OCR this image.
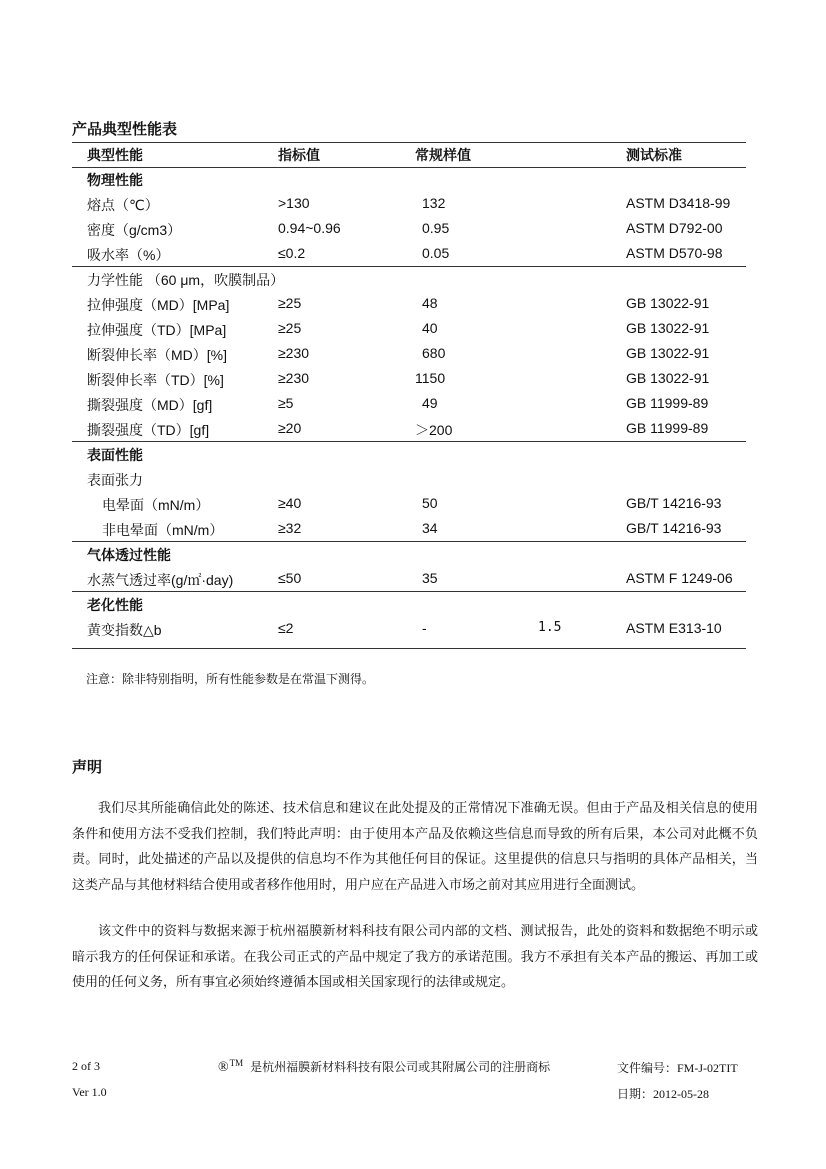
产品典型性能表
典型性能	指标值	常规样值	测试标准
物理性能
熔点（℃）	>130	132	ASTM D3418-99
密度（g/cm3）	0.94~0.96	0.95	ASTM D792-00
吸水率（%）	≤0.2	0.05	ASTM D570-98
力学性能 （60 μm，吹膜制品）
拉伸强度（MD）[MPa]	≥25	48	GB 13022-91
拉伸强度（TD）[MPa]	≥25	40	GB 13022-91
断裂伸长率（MD）[%]	≥230	680	GB 13022-91
断裂伸长率（TD）[%]	≥230	1150	GB 13022-91
撕裂强度（MD）[gf]	≥5	49	GB 11999-89
撕裂强度（TD）[gf]	≥20	＞200	GB 11999-89
表面性能
表面张力
电晕面（mN/m）	≥40	50	GB/T 14216-93
非电晕面（mN/m）	≥32	34	GB/T 14216-93
气体透过性能
水蒸气透过率(g/㎡·day)	≤50	35	ASTM F 1249-06
老化性能
黄变指数△b	≤2	-	1.5	ASTM E313-10
注意：除非特别指明，所有性能参数是在常温下测得。
声明
我们尽其所能确信此处的陈述、技术信息和建议在此处提及的正常情况下准确无误。但由于产品及相关信息的使用条件和使用方法不受我们控制，我们特此声明：由于使用本产品及依赖这些信息而导致的所有后果，本公司对此概不负责。同时，此处描述的产品以及提供的信息均不作为其他任何目的保证。这里提供的信息只与指明的具体产品相关，当这类产品与其他材料结合使用或者移作他用时，用户应在产品进入市场之前对其应用进行全面测试。
该文件中的资料与数据来源于杭州福膜新材料科技有限公司内部的文档、测试报告，此处的资料和数据绝不明示或暗示我方的任何保证和承诺。在我公司正式的产品中规定了我方的承诺范围。我方不承担有关本产品的搬运、再加工或使用的任何义务，所有事宜必须始终遵循本国或相关国家现行的法律或规定。
2 of 3
Ver 1.0
®™ 是杭州福膜新材料科技有限公司或其附属公司的注册商标	文件编号：FM-J-02TIT
日期：2012-05-28
